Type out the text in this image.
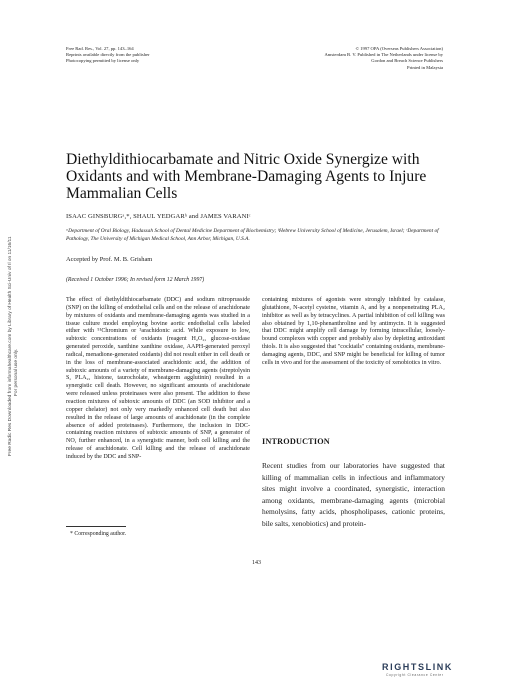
Free Rad. Res., Vol. 27, pp. 143–164
Reprints available directly from the publisher
Photocopying permitted by license only
© 1997 OPA (Overseas Publishers Association)
Amsterdam B. V. Published in The Netherlands under license by
Gordon and Breach Science Publishers
Printed in Malaysia
Diethyldithiocarbamate and Nitric Oxide Synergize with Oxidants and with Membrane-Damaging Agents to Injure Mammalian Cells
ISAAC GINSBURGᵃ,*, SHAUL YEDGARᵇ and JAMES VARANIᶜ
ᵃDepartment of Oral Biology, Hadassah School of Dental Medicine Department of Biochemistry; ᵇHebrew University School of Medicine, Jerusalem, Israel; ᶜDepartment of Pathology, The University of Michigan Medical School, Ann Arbor, Michigan, U.S.A.
Accepted by Prof. M. B. Grisham
(Received 1 October 1996; In revised form 12 March 1997)

The effect of diethyldithiocarbamate (DDC) and sodium nitroprusside (SNP) on the killing of endothelial cells and on the release of arachidonate by mixtures of oxidants and membrane-damaging agents was studied in a tissue culture model employing bovine aortic endothelial cells labeled either with ⁵¹Chromium or ³arachidonic acid. While exposure to low, subtoxic concentrations of oxidants (reagent H₂O₂, glucose-oxidase generated peroxide, xanthine xanthine oxidase, AAPH-generated peroxyl radical, menadione-generated oxidants) did not result either in cell death or in the loss of membrane-associated arachidonic acid, the addition of subtoxic amounts of a variety of membrane-damaging agents (streptolysin S, PLA₂, histone, taurocholate, wheatgerm agglutinin) resulted in a synergistic cell death. However, no significant amounts of arachidonate were released unless proteinases were also present. The addition to these reaction mixtures of subtoxic amounts of DDC (an SOD inhibitor and a copper chelator) not only very markedly enhanced cell death but also resulted in the release of large amounts of arachidonate (in the complete absence of added proteinases). Furthermore, the inclusion in DDC-containing reaction mixtures of subtoxic amounts of SNP, a generator of NO, further enhanced, in a synergistic manner, both cell killing and the release of arachidonate. Cell killing and the release of arachidonate induced by the DDC and SNP-

containing mixtures of agonists were strongly inhibited by catalase, glutathione, N-acetyl cysteine, vitamin A, and by a nonpenetrating PLA₂ inhibitor as well as by tetracyclines. A partial inhibition of cell killing was also obtained by 1,10-phenanthroline and by antimycin. It is suggested that DDC might amplify cell damage by forming intracellular, loosely-bound complexes with copper and probably also by depleting antioxidant thiols. It is also suggested that "cocktails" containing oxidants, membrane-damaging agents, DDC, and SNP might be beneficial for killing of tumor cells in vivo and for the assessment of the toxicity of xenobiotics in vitro.

INTRODUCTION
Recent studies from our laboratories have suggested that killing of mammalian cells in infectious and inflammatory sites might involve a coordinated, synergistic, interaction among oxidants, membrane-damaging agents (microbial hemolysins, fatty acids, phospholipases, cationic proteins, bile salts, xenobiotics) and protein-
* Corresponding author.
143
Free Radic Res Downloaded from informahealthcare.com by Library of Health Sci-Univ of Il on 11/16/11 For personal use only.
RIGHTSLINK
Copyright Clearance Center
